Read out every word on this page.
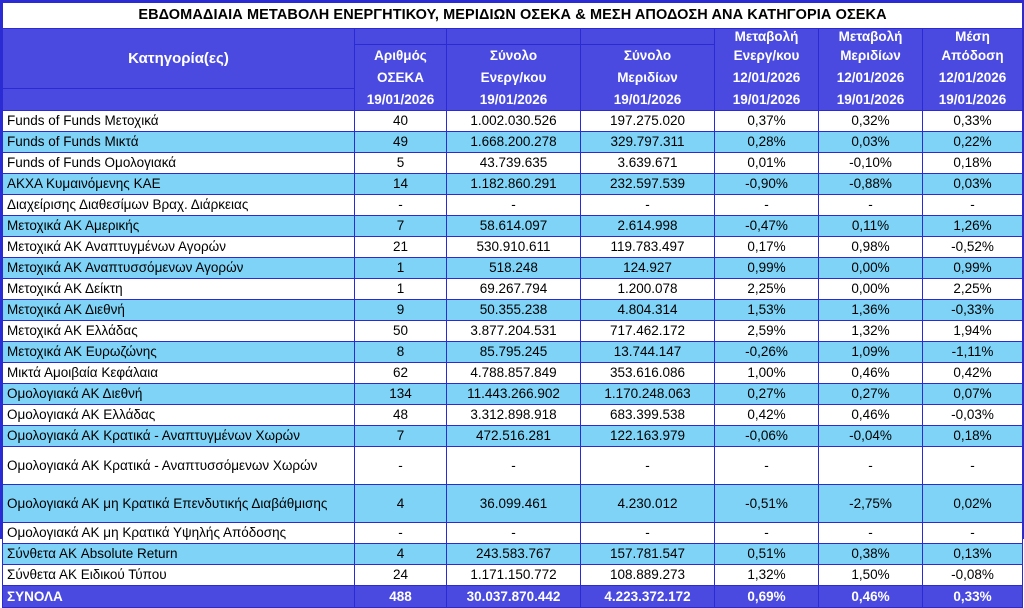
ΕΒΔΟΜΑΔΙΑΙΑ ΜΕΤΑΒΟΛΗ ΕΝΕΡΓΗΤΙΚΟΥ, ΜΕΡΙΔΙΩΝ ΟΣΕΚΑ & ΜΕΣΗ ΑΠΟΔΟΣΗ ΑΝΑ ΚΑΤΗΓΟΡΙΑ ΟΣΕΚΑ						
Κατηγορία(ες)				Μεταβολή	Μεταβολή	Μέση
	Αριθμός	Σύνολο	Σύνολο	Ενεργ/κου	Μεριδίων	Απόδοση
	ΟΣΕΚΑ	Ενεργ/κου	Μεριδίων	12/01/2026	12/01/2026	12/01/2026
	19/01/2026	19/01/2026	19/01/2026	19/01/2026	19/01/2026	19/01/2026
Funds of Funds Μετοχικά	40	1.002.030.526	197.275.020	0,37%	0,32%	0,33%
Funds of Funds Μικτά	49	1.668.200.278	329.797.311	0,28%	0,03%	0,22%
Funds of Funds Ομολογιακά	5	43.739.635	3.639.671	0,01%	-0,10%	0,18%
ΑΚΧΑ Κυμαινόμενης ΚΑΕ	14	1.182.860.291	232.597.539	-0,90%	-0,88%	0,03%
Διαχείρισης Διαθεσίμων Βραχ. Διάρκειας	-	-	-	-	-	-
Μετοχικά ΑΚ Αμερικής	7	58.614.097	2.614.998	-0,47%	0,11%	1,26%
Μετοχικά ΑΚ Αναπτυγμένων Αγορών	21	530.910.611	119.783.497	0,17%	0,98%	-0,52%
Μετοχικά ΑΚ Αναπτυσσόμενων Αγορών	1	518.248	124.927	0,99%	0,00%	0,99%
Μετοχικά ΑΚ Δείκτη	1	69.267.794	1.200.078	2,25%	0,00%	2,25%
Μετοχικά ΑΚ Διεθνή	9	50.355.238	4.804.314	1,53%	1,36%	-0,33%
Μετοχικά ΑΚ Ελλάδας	50	3.877.204.531	717.462.172	2,59%	1,32%	1,94%
Μετοχικά ΑΚ Ευρωζώνης	8	85.795.245	13.744.147	-0,26%	1,09%	-1,11%
Μικτά Αμοιβαία Κεφάλαια	62	4.788.857.849	353.616.086	1,00%	0,46%	0,42%
Ομολογιακά ΑΚ Διεθνή	134	11.443.266.902	1.170.248.063	0,27%	0,27%	0,07%
Ομολογιακά ΑΚ Ελλάδας	48	3.312.898.918	683.399.538	0,42%	0,46%	-0,03%
Ομολογιακά ΑΚ Κρατικά - Αναπτυγμένων Χωρών	7	472.516.281	122.163.979	-0,06%	-0,04%	0,18%
Ομολογιακά ΑΚ Κρατικά - Αναπτυσσόμενων Χωρών	-	-	-	-	-	-
Ομολογιακά ΑΚ μη Κρατικά Επενδυτικής Διαβάθμισης	4	36.099.461	4.230.012	-0,51%	-2,75%	0,02%
Ομολογιακά ΑΚ μη Κρατικά Υψηλής Απόδοσης	-	-	-	-	-	-
Σύνθετα ΑΚ Absolute Return	4	243.583.767	157.781.547	0,51%	0,38%	0,13%
Σύνθετα ΑΚ Ειδικού Τύπου	24	1.171.150.772	108.889.273	1,32%	1,50%	-0,08%
ΣΥΝΟΛΑ	488	30.037.870.442	4.223.372.172	0,69%	0,46%	0,33%
